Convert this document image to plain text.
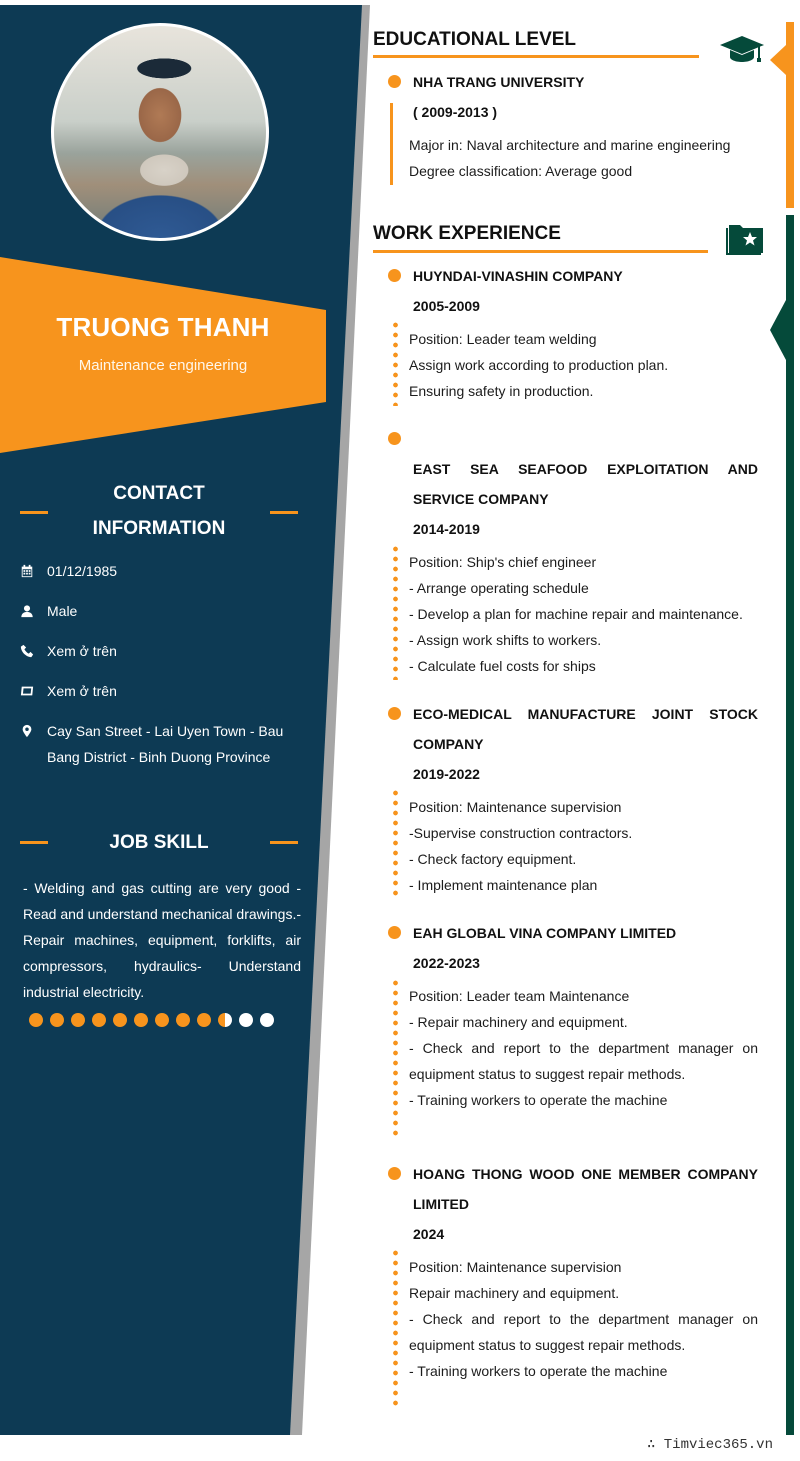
TRUONG THANH
Maintenance engineering
CONTACT
INFORMATION
01/12/1985
Male
Xem ở trên
Xem ở trên
Cay San Street - Lai Uyen Town - Bau Bang District - Binh Duong Province
JOB SKILL
- Welding and gas cutting are very good - Read and understand mechanical drawings.- Repair machines, equipment, forklifts, air compressors, hydraulics- Understand industrial electricity.
EDUCATIONAL LEVEL
NHA TRANG UNIVERSITY
( 2009-2013 )
Major in: Naval architecture and marine engineering
Degree classification: Average good
WORK EXPERIENCE
HUYNDAI-VINASHIN COMPANY
2005-2009
Position: Leader team welding
Assign work according to production plan.
Ensuring safety in production.
EAST SEA SEAFOOD EXPLOITATION AND
SERVICE COMPANY
2014-2019
Position: Ship's chief engineer
- Arrange operating schedule
- Develop a plan for machine repair and maintenance.
- Assign work shifts to workers.
- Calculate fuel costs for ships
ECO-MEDICAL MANUFACTURE JOINT STOCK
COMPANY
2019-2022
Position: Maintenance supervision
-Supervise construction contractors.
- Check factory equipment.
- Implement maintenance plan
EAH GLOBAL VINA COMPANY LIMITED
2022-2023
Position: Leader team Maintenance
- Repair machinery and equipment.
- Check and report to the department manager on equipment status to suggest repair methods.
- Training workers to operate the machine
HOANG THONG WOOD ONE MEMBER COMPANY
LIMITED
2024
Position: Maintenance supervision
Repair machinery and equipment.
- Check and report to the department manager on equipment status to suggest repair methods.
- Training workers to operate the machine
∴ Timviec365.vn
